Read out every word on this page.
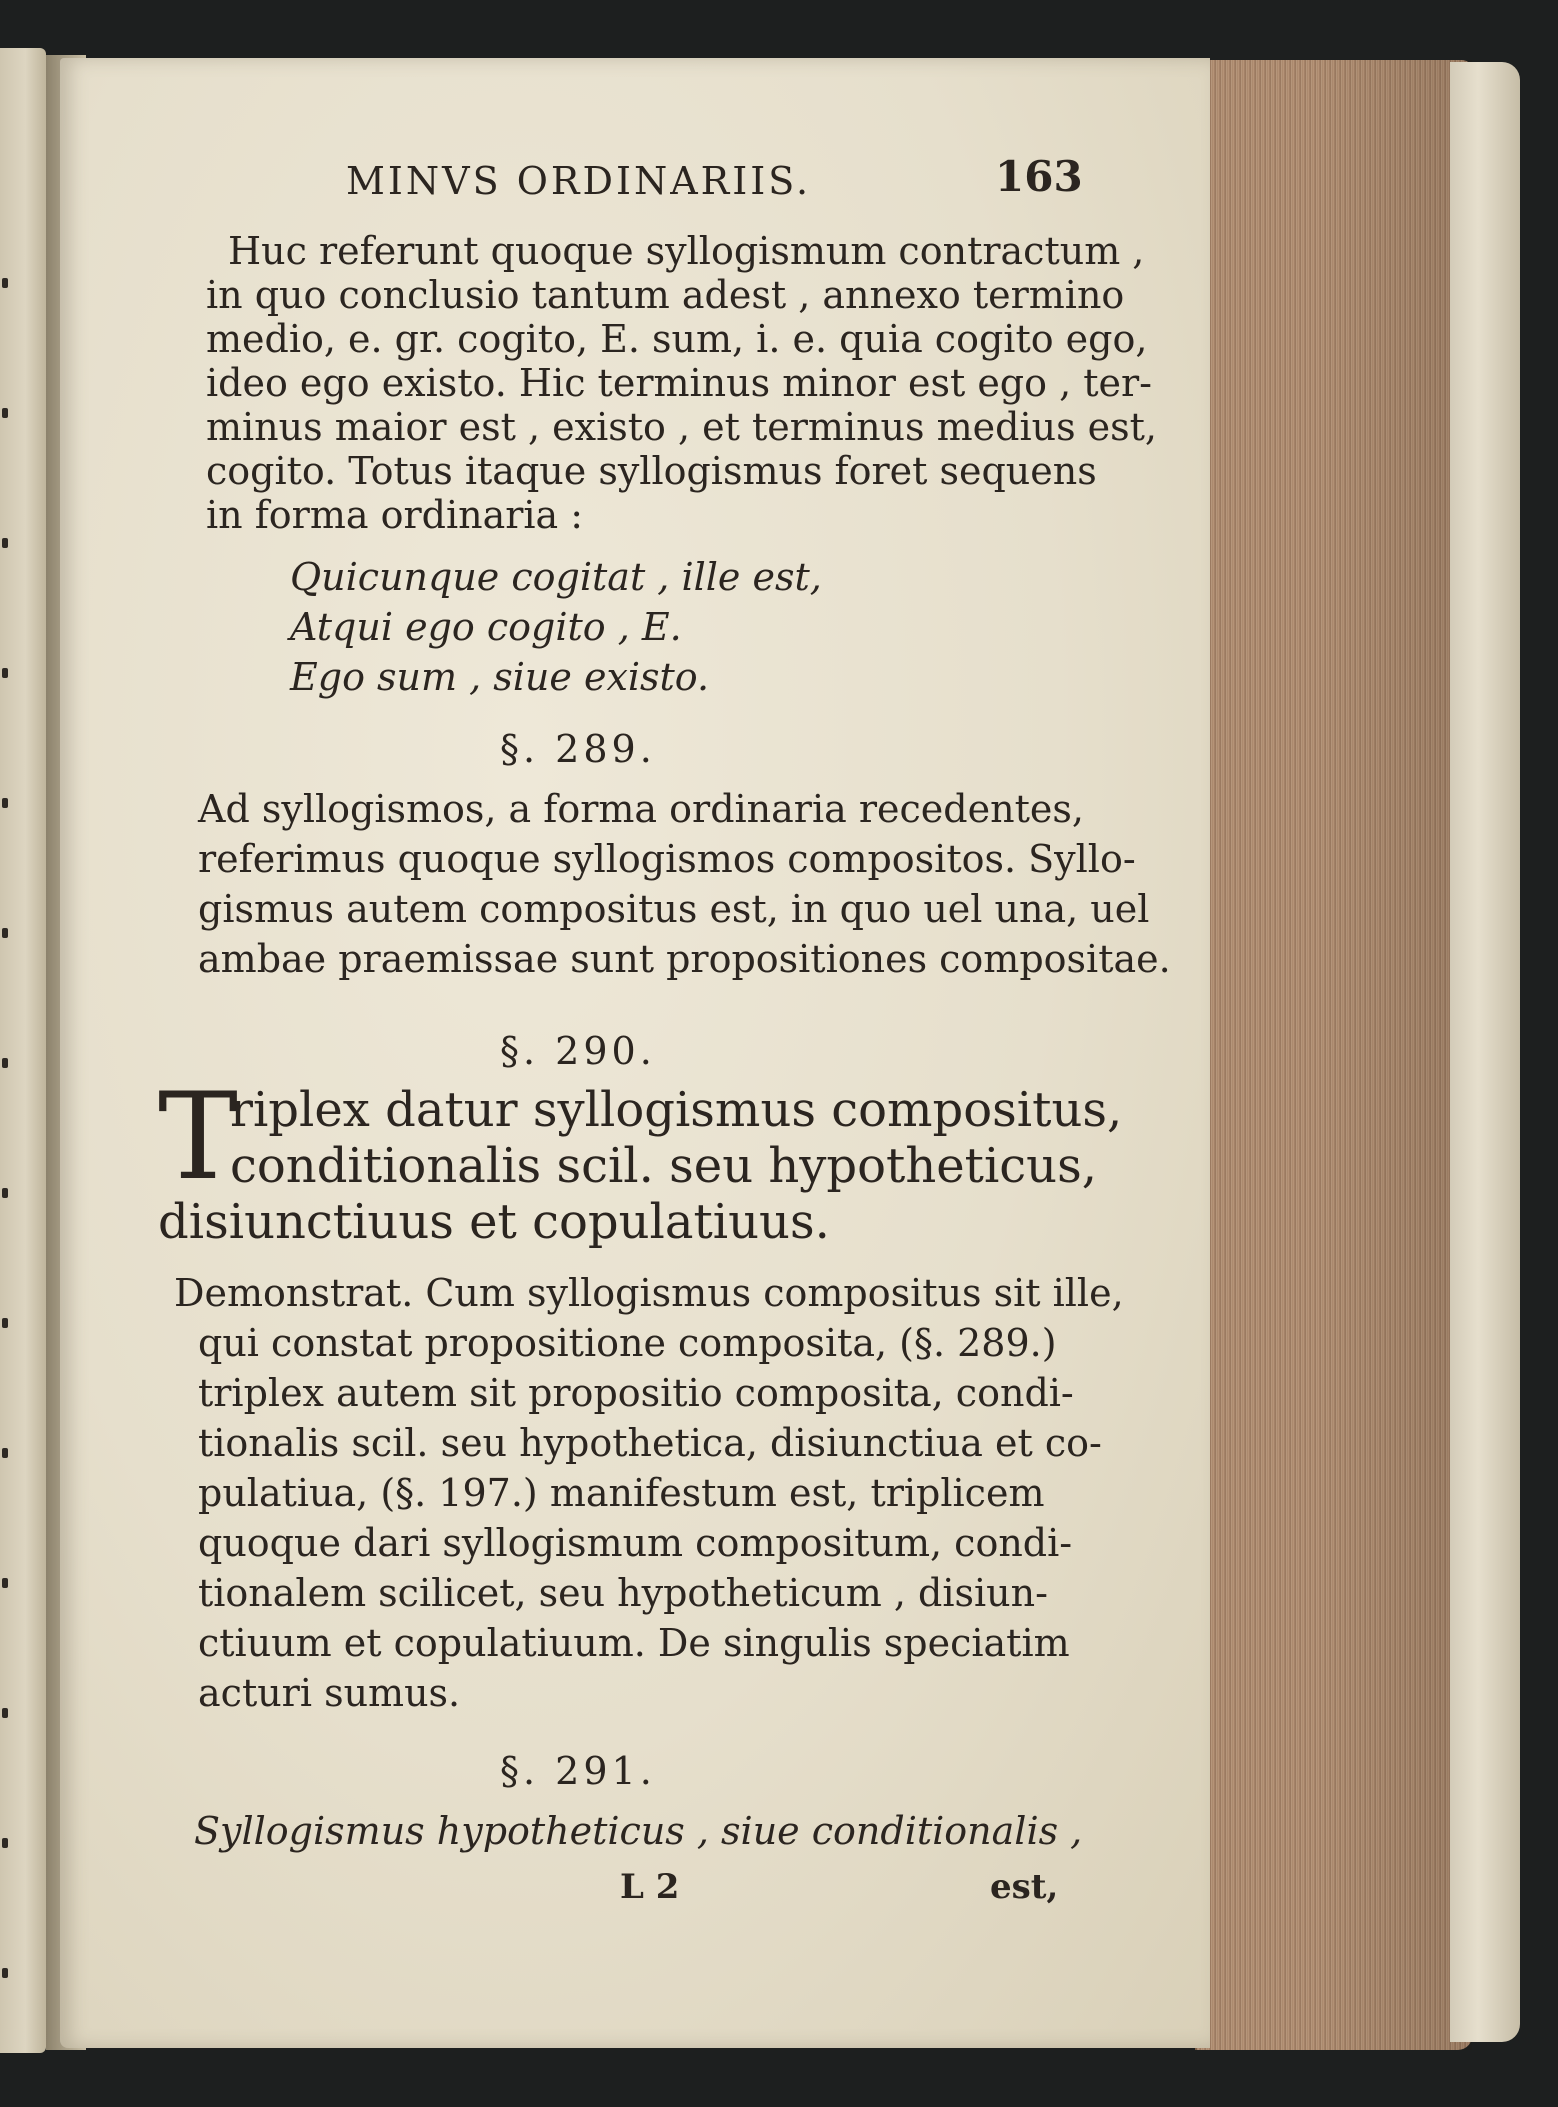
MINVS ORDINARIIS.	163
Huc referunt quoque syllogismum contractum ,
in quo conclusio tantum adest , annexo termino
medio, e. gr. cogito, E. sum, i. e. quia cogito ego,
ideo ego existo. Hic terminus minor est ego , ter-
minus maior est , existo , et terminus medius est,
cogito. Totus itaque syllogismus foret sequens
in forma ordinaria :
Quicunque cogitat , ille est,
Atqui ego cogito , E.
Ego sum , siue existo.
§. 289.
Ad syllogismos, a forma ordinaria recedentes,
referimus quoque syllogismos compositos. Syllo-
gismus autem compositus est, in quo uel una, uel
ambae praemissae sunt propositiones compositae.
§. 290.
T
riplex datur syllogismus compositus,
conditionalis scil. seu hypotheticus,
disiunctiuus et copulatiuus.
Demonstrat. Cum syllogismus compositus sit ille,
qui constat propositione composita, (§. 289.)
triplex autem sit propositio composita, condi-
tionalis scil. seu hypothetica, disiunctiua et co-
pulatiua, (§. 197.) manifestum est, triplicem
quoque dari syllogismum compositum, condi-
tionalem scilicet, seu hypotheticum , disiun-
ctiuum et copulatiuum. De singulis speciatim
acturi sumus.
§. 291.
Syllogismus hypotheticus , siue conditionalis ,
L 2	est,
